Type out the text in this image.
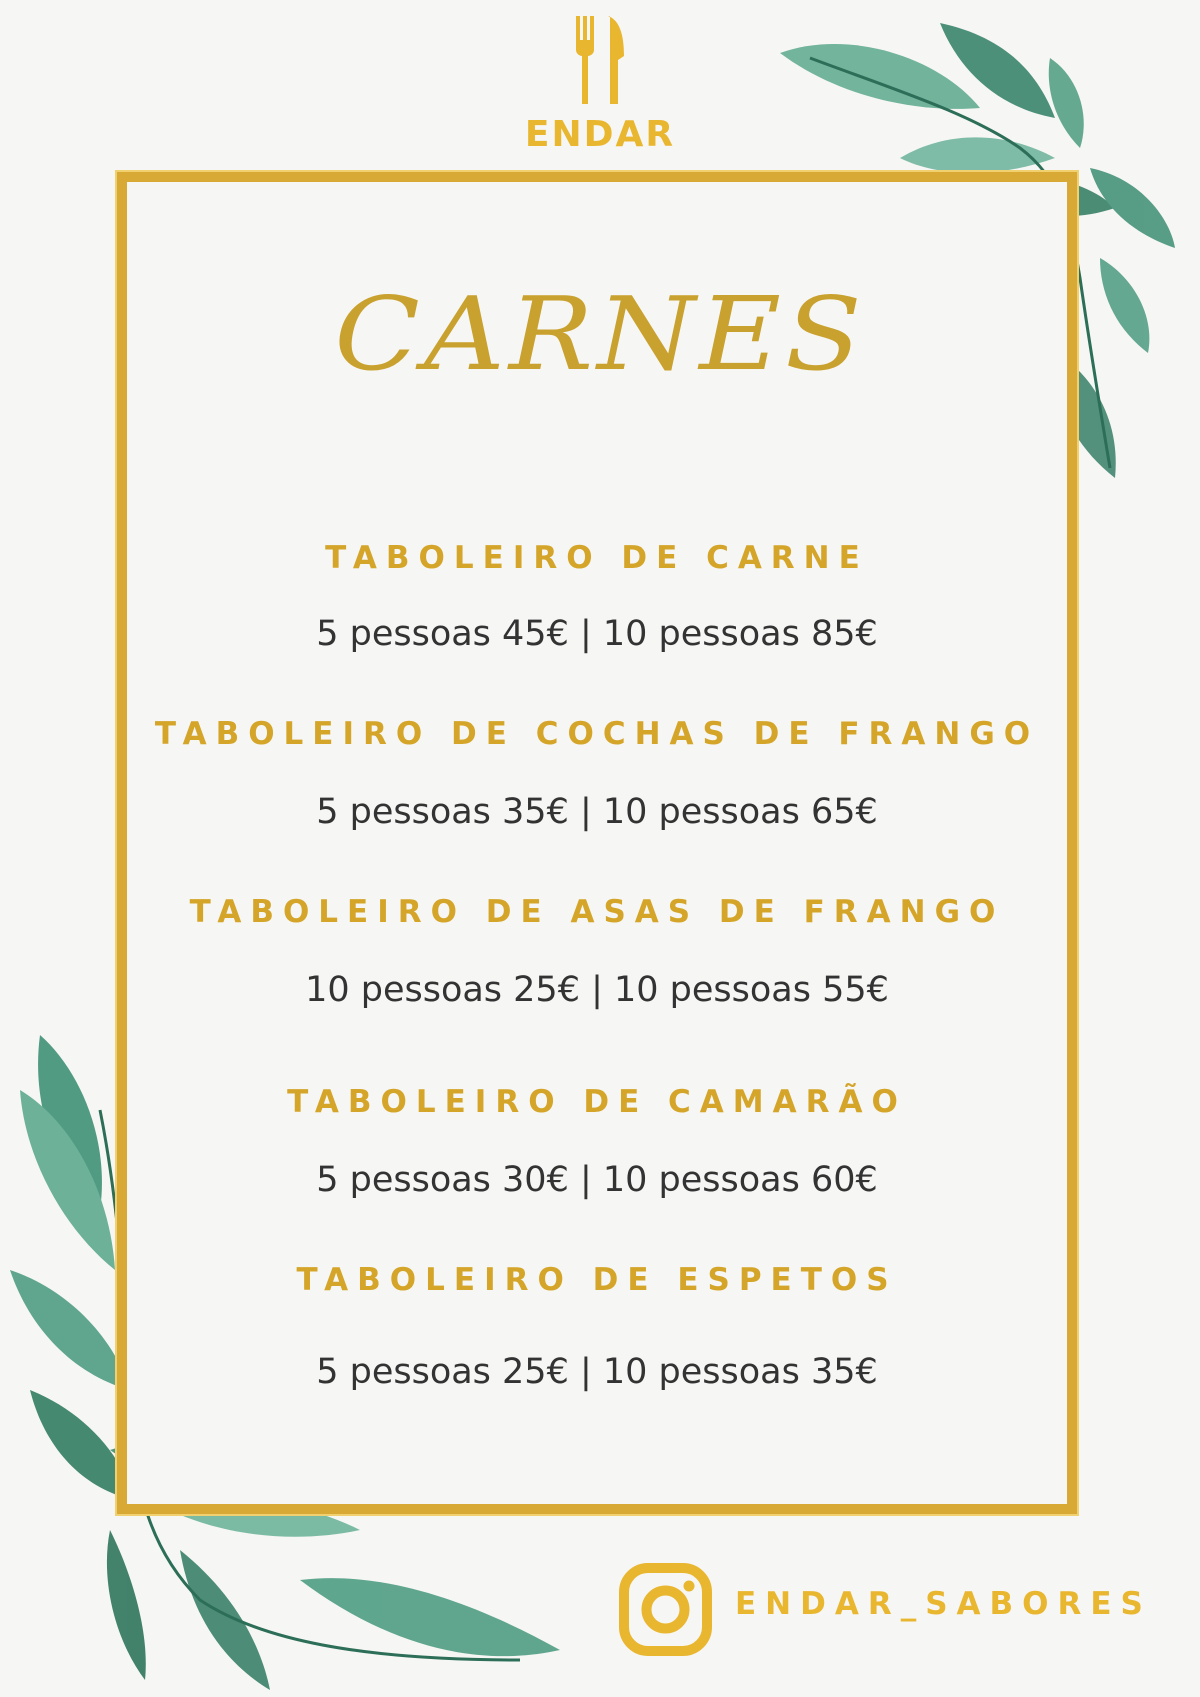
ENDAR
CARNES
TABOLEIRO DE CARNE
5 pessoas 45€ | 10 pessoas 85€
TABOLEIRO DE COCHAS DE FRANGO
5 pessoas 35€ | 10 pessoas 65€
TABOLEIRO DE ASAS DE FRANGO
10 pessoas 25€ | 10 pessoas 55€
TABOLEIRO DE CAMARÃO
5 pessoas 30€ | 10 pessoas 60€
TABOLEIRO DE ESPETOS
5 pessoas 25€ | 10 pessoas 35€
ENDAR_SABORES
